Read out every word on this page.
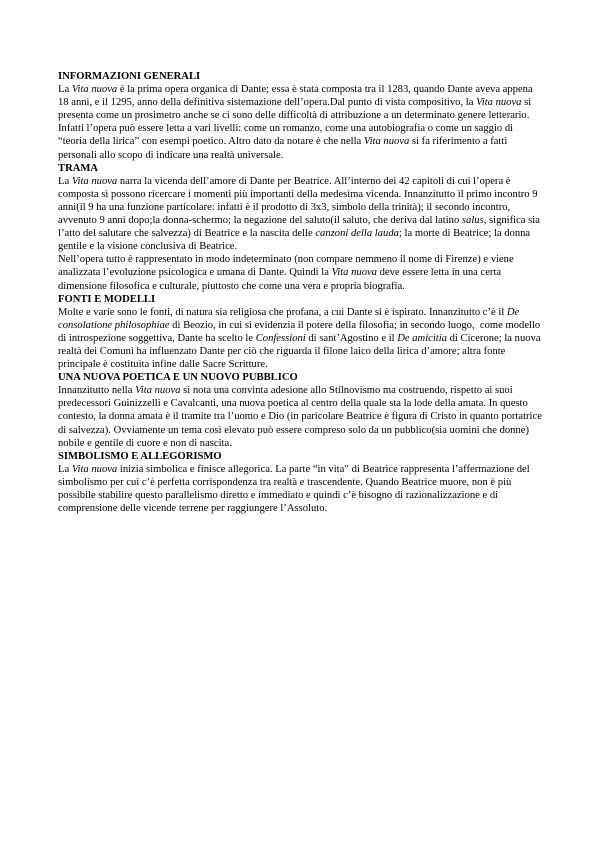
INFORMAZIONI GENERALI

La Vita nuova è la prima opera organica di Dante; essa è stata composta tra il 1283, quando Dante aveva appena 18 anni, e il 1295, anno della definitiva sistemazione dell’opera.Dal punto di vista compositivo, la Vita nuova si presenta come un prosimetro anche se ci sono delle difficoltà di attribuzione a un determinato genere letterario. Infatti l’opera può essere letta a vari livelli: come un romanzo, come una autobiografia o come un saggio di “teoria della lirica” con esempi poetico. Altro dato da notare è che nella Vita nuova si fa riferimento a fatti personali allo scopo di indicare una realtà universale.

TRAMA

La Vita nuova narra la vicenda dell’amore di Dante per Beatrice. All’interno dei 42 capitoli di cui l’opera è composta si possono ricercare i momenti più importanti della medesima vicenda. Innanzitutto il primo incontro 9 anni(il 9 ha una funzione particolare: infatti è il prodotto di 3x3, simbolo della trinità); il secondo incontro, avvenuto 9 anni dopo;la donna-schermo; la negazione del saluto(il saluto, che deriva dal latino salus, significa sia l’atto del salutare che salvezza) di Beatrice e la nascita delle canzoni della lauda; la morte di Beatrice; la donna gentile e la visione conclusiva di Beatrice.

Nell’opera tutto è rappresentato in modo indeterminato (non compare nemmeno il nome di Firenze) e viene analizzata l’evoluzione psicologica e umana di Dante. Quindi la Vita nuova deve essere letta in una certa dimensione filosofica e culturale, piuttosto che come una vera e propria biografia.

FONTI E MODELLI

Molte e varie sono le fonti, di natura sia religiosa che profana, a cui Dante si è ispirato. Innanzitutto c’è il De consolatione philosophiae di Beozio, in cui si evidenzia il potere della filosofia; in secondo luogo,  come modello di introspezione soggettiva, Dante ha scelto le Confessioni di sant’Agostino e il De amicitia di Cicerone; la nuova realtà dei Comuni ha influenzato Dante per ciò che riguarda il filone laico della lirica d’amore; altra fonte principale è costituita infine dalle Sacre Scritture.

UNA NUOVA POETICA E UN NUOVO PUBBLICO

Innanzitutto nella Vita nuova si nota una convinta adesione allo Stilnovismo ma costruendo, rispetto ai suoi predecessori Guinizzelli e Cavalcanti, una nuova poetica al centro della quale sta la lode della amata. In questo contesto, la donna amata è il tramite tra l’uomo e Dio (in paricolare Beatrice è figura di Cristo in quanto portatrice di salvezza). Ovviamente un tema così elevato può essere compreso solo da un pubblico(sia uomini che donne) nobile e gentile di cuore e non di nascita.

SIMBOLISMO E ALLEGORISMO

La Vita nuova inizia simbolica e finisce allegorica. La parte “in vita” di Beatrice rappresenta l’affermazione del simbolismo per cui c’è perfetta corrispondenza tra realtà e trascendente. Quando Beatrice muore, non è più possibile stabilire questo parallelismo diretto e immediato e quindi c’è bisogno di razionalizzazione e di comprensione delle vicende terrene per raggiungere l’Assoluto.
